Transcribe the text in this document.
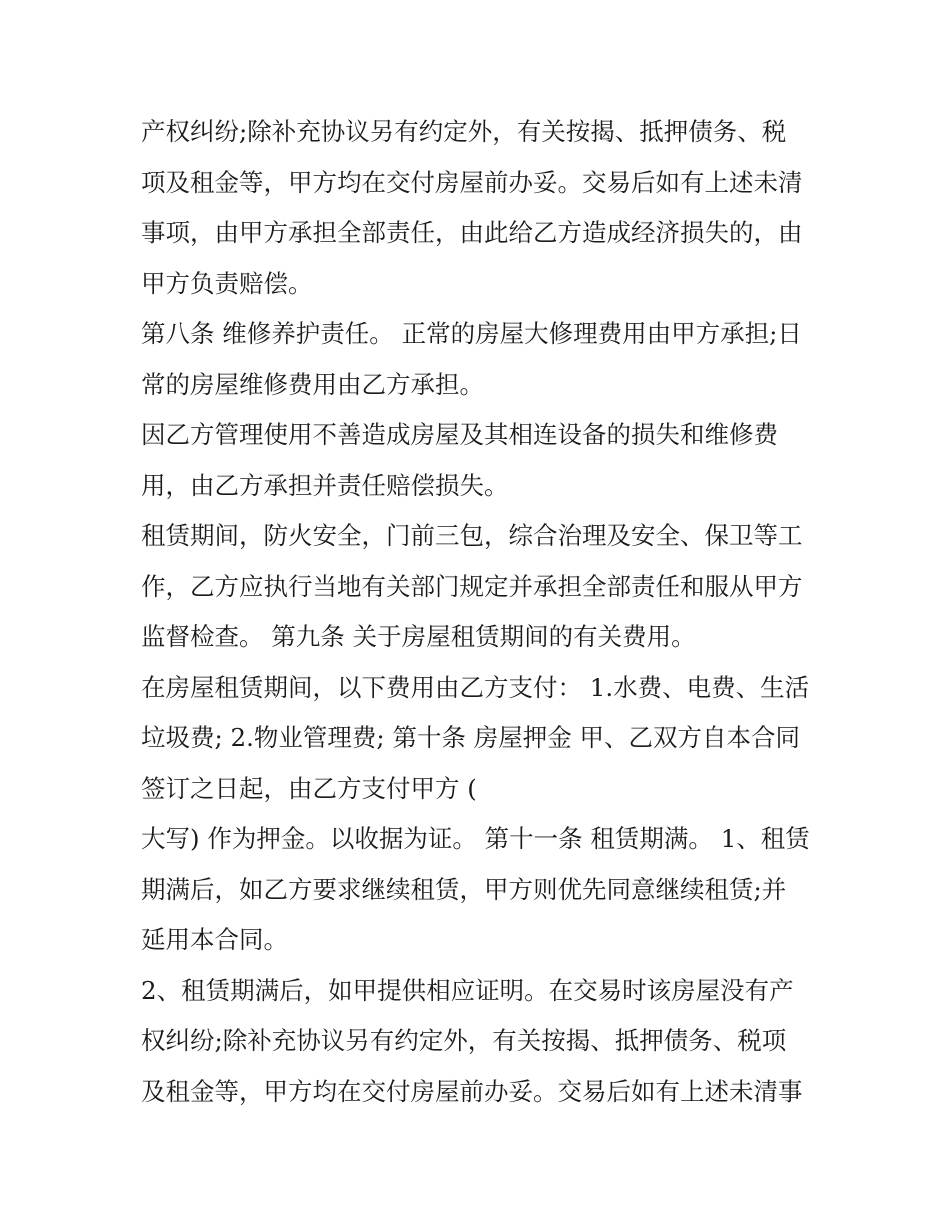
产权纠纷;除补充协议另有约定外，有关按揭、抵押债务、税
项及租金等，甲方均在交付房屋前办妥。交易后如有上述未清
事项，由甲方承担全部责任，由此给乙方造成经济损失的，由
甲方负责赔偿。
第八条 维修养护责任。 正常的房屋大修理费用由甲方承担;日
常的房屋维修费用由乙方承担。
因乙方管理使用不善造成房屋及其相连设备的损失和维修费
用，由乙方承担并责任赔偿损失。
租赁期间，防火安全，门前三包，综合治理及安全、保卫等工
作，乙方应执行当地有关部门规定并承担全部责任和服从甲方
监督检查。 第九条 关于房屋租赁期间的有关费用。
在房屋租赁期间，以下费用由乙方支付： 1.水费、电费、生活
垃圾费; 2.物业管理费; 第十条 房屋押金 甲、乙双方自本合同
签订之日起，由乙方支付甲方 (
大写) 作为押金。以收据为证。 第十一条 租赁期满。 1、租赁
期满后，如乙方要求继续租赁，甲方则优先同意继续租赁;并
延用本合同。
2、租赁期满后，如甲提供相应证明。在交易时该房屋没有产
权纠纷;除补充协议另有约定外，有关按揭、抵押债务、税项
及租金等，甲方均在交付房屋前办妥。交易后如有上述未清事
